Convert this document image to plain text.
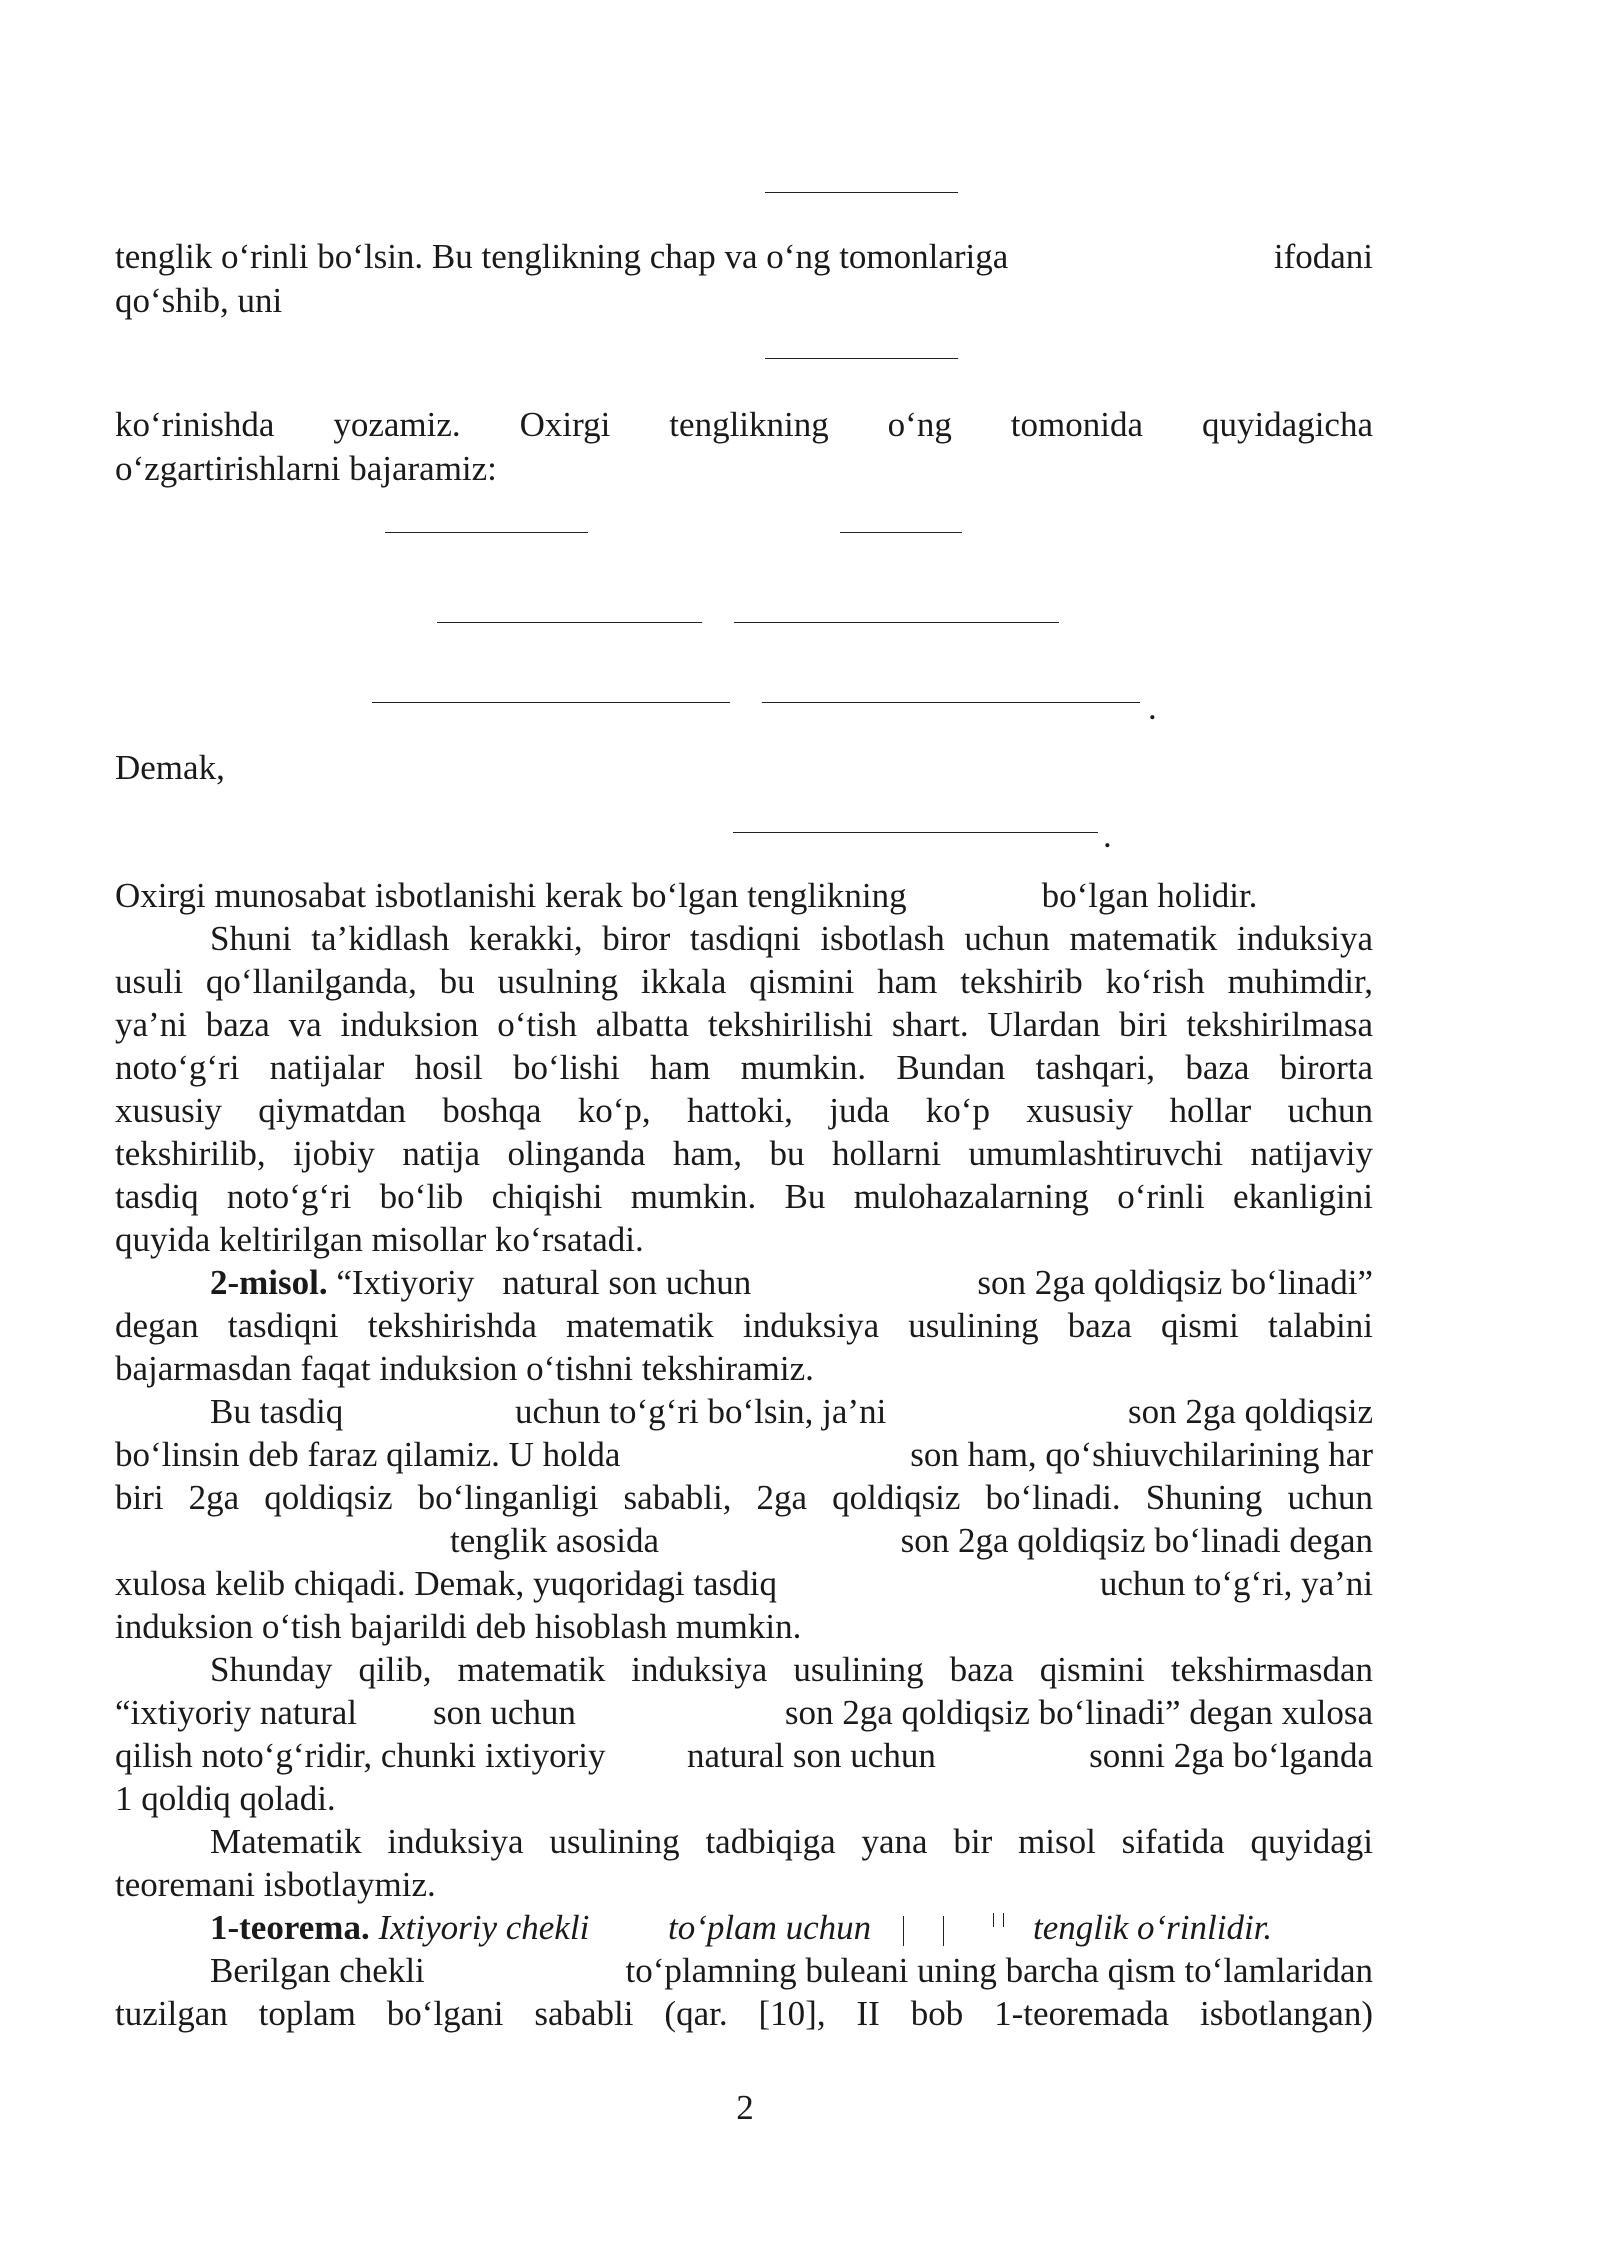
.
.
tenglik o‘rinli bo‘lsin. Bu tenglikning chap va o‘ng tomonlariga	ifodani
qo‘shib, uni
ko‘rinishda yozamiz. Oxirgi tenglikning o‘ng tomonida quyidagicha
o‘zgartirishlarni bajaramiz:
Demak,
Oxirgi munosabat isbotlanishi kerak bo‘lgan tenglikning	bo‘lgan holidir.
Shuni ta’kidlash kerakki, biror tasdiqni isbotlash uchun matematik induksiya
usuli qo‘llanilganda, bu usulning ikkala qismini ham tekshirib ko‘rish muhimdir,
ya’ni baza va induksion o‘tish albatta tekshirilishi shart. Ulardan biri tekshirilmasa
noto‘g‘ri natijalar hosil bo‘lishi ham mumkin. Bundan tashqari, baza birorta
xususiy qiymatdan boshqa ko‘p, hattoki, juda ko‘p xususiy hollar uchun
tekshirilib, ijobiy natija olinganda ham, bu hollarni umumlashtiruvchi natijaviy
tasdiq noto‘g‘ri bo‘lib chiqishi mumkin. Bu mulohazalarning o‘rinli ekanligini
quyida keltirilgan misollar ko‘rsatadi.
2-misol. “Ixtiyoriy natural son uchun	son 2ga qoldiqsiz bo‘linadi”
degan tasdiqni tekshirishda matematik induksiya usulining baza qismi talabini
bajarmasdan faqat induksion o‘tishni tekshiramiz.
Bu tasdiq	uchun to‘g‘ri bo‘lsin, ja’ni	son 2ga qoldiqsiz
bo‘linsin deb faraz qilamiz. U holda	son ham, qo‘shiuvchilarining har
biri 2ga qoldiqsiz bo‘linganligi sababli, 2ga qoldiqsiz bo‘linadi. Shuning uchun
tenglik asosida	son 2ga qoldiqsiz bo‘linadi degan
xulosa kelib chiqadi. Demak, yuqoridagi tasdiq	uchun to‘g‘ri, ya’ni
induksion o‘tish bajarildi deb hisoblash mumkin.
Shunday qilib, matematik induksiya usulining baza qismini tekshirmasdan
“ixtiyoriy natural son uchun	son 2ga qoldiqsiz bo‘linadi” degan xulosa
qilish noto‘g‘ridir, chunki ixtiyoriy natural son uchun	sonni 2ga bo‘lganda
1 qoldiq qoladi.
Matematik induksiya usulining tadbiqiga yana bir misol sifatida quyidagi
teoremani isbotlaymiz.
1-teorema. Ixtiyoriy chekli to‘plam uchun	tenglik o‘rinlidir.
Berilgan chekli	to‘plamning buleani uning barcha qism to‘lamlaridan
tuzilgan toplam bo‘lgani sababli (qar. [10], II bob 1-teoremada isbotlangan)
2
